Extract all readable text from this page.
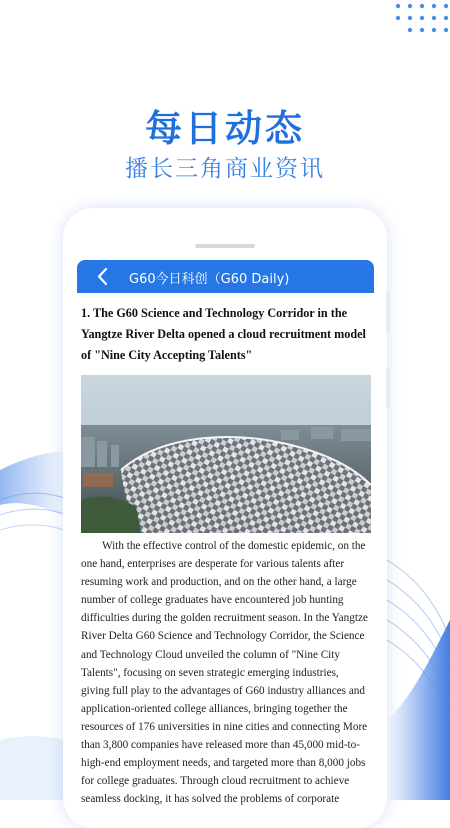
每日动态
播长三角商业资讯
G60今日科创（G60 Daily)

1. The G60 Science and Technology Corridor in the Yangtze River Delta opened a cloud recruitment model of "Nine City Accepting Talents"

With the effective control of the domestic epidemic, on the one hand, enterprises are desperate for various talents after resuming work and production, and on the other hand, a large number of college graduates have encountered job hunting difficulties during the golden recruitment season. In the Yangtze River Delta G60 Science and Technology Corridor, the Science and Technology Cloud unveiled the column of "Nine City Talents", focusing on seven strategic emerging industries, giving full play to the advantages of G60 industry alliances and application-oriented college alliances, bringing together the resources of 176 universities in nine cities and connecting More than 3,800 companies have released more than 45,000 mid-to-high-end employment needs, and targeted more than 8,000 jobs for college graduates. Through cloud recruitment to achieve seamless docking, it has solved the problems of corporate
